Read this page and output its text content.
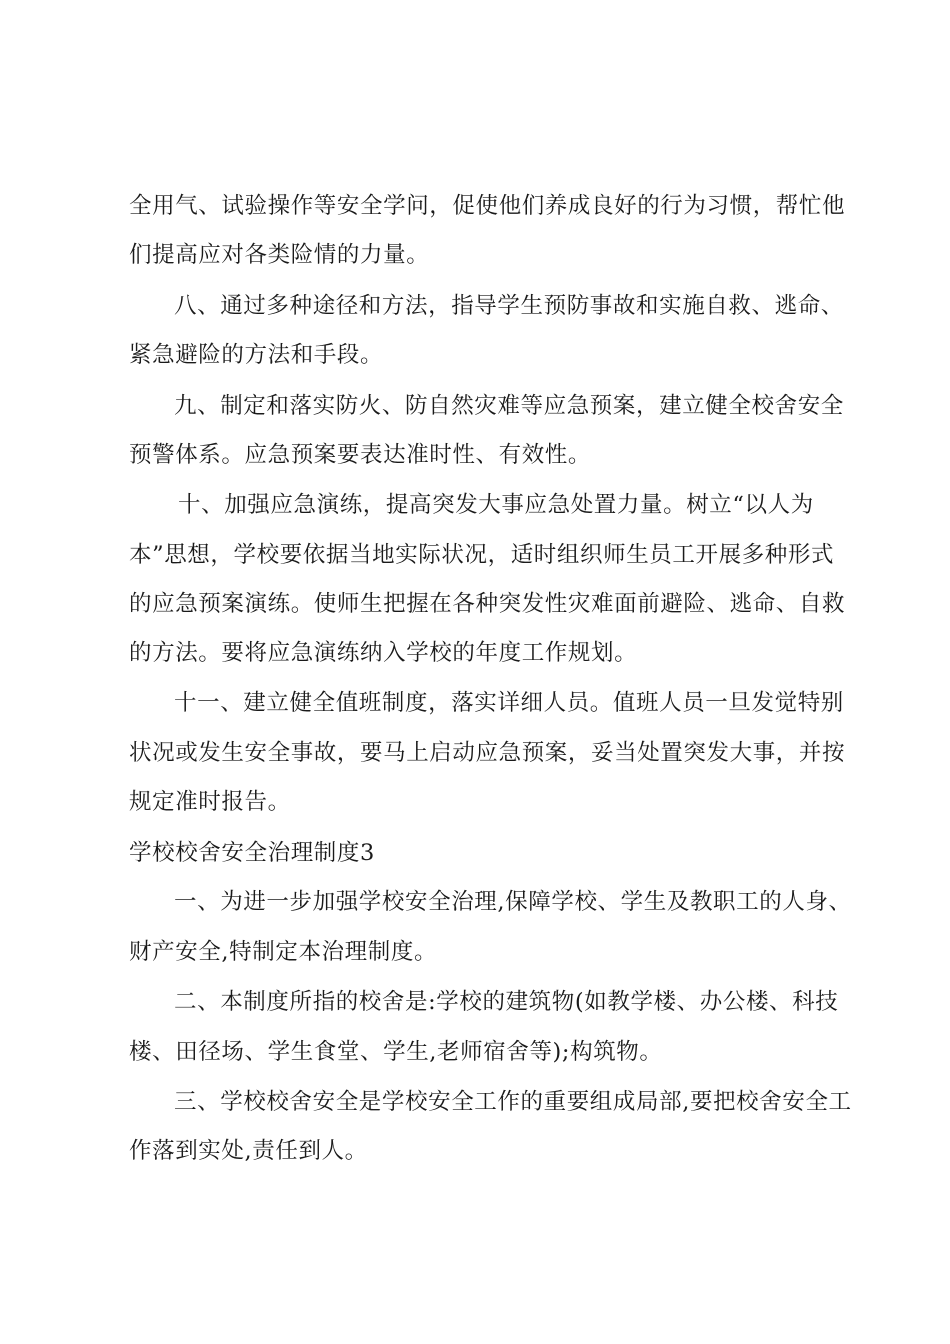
全用气、试验操作等安全学问，促使他们养成良好的行为习惯，帮忙他
们提高应对各类险情的力量。
八、通过多种途径和方法，指导学生预防事故和实施自救、逃命、
紧急避险的方法和手段。
九、制定和落实防火、防自然灾难等应急预案，建立健全校舍安全
预警体系。应急预案要表达准时性、有效性。
十、加强应急演练，提高突发大事应急处置力量。树立“以人为
本”思想，学校要依据当地实际状况，适时组织师生员工开展多种形式
的应急预案演练。使师生把握在各种突发性灾难面前避险、逃命、自救
的方法。要将应急演练纳入学校的年度工作规划。
十一、建立健全值班制度，落实详细人员。值班人员一旦发觉特别
状况或发生安全事故，要马上启动应急预案，妥当处置突发大事，并按
规定准时报告。
学校校舍安全治理制度3
一、为进一步加强学校安全治理,保障学校、学生及教职工的人身、
财产安全,特制定本治理制度。
二、本制度所指的校舍是:学校的建筑物(如教学楼、办公楼、科技
楼、田径场、学生食堂、学生,老师宿舍等);构筑物。
三、学校校舍安全是学校安全工作的重要组成局部,要把校舍安全工
作落到实处,责任到人。
